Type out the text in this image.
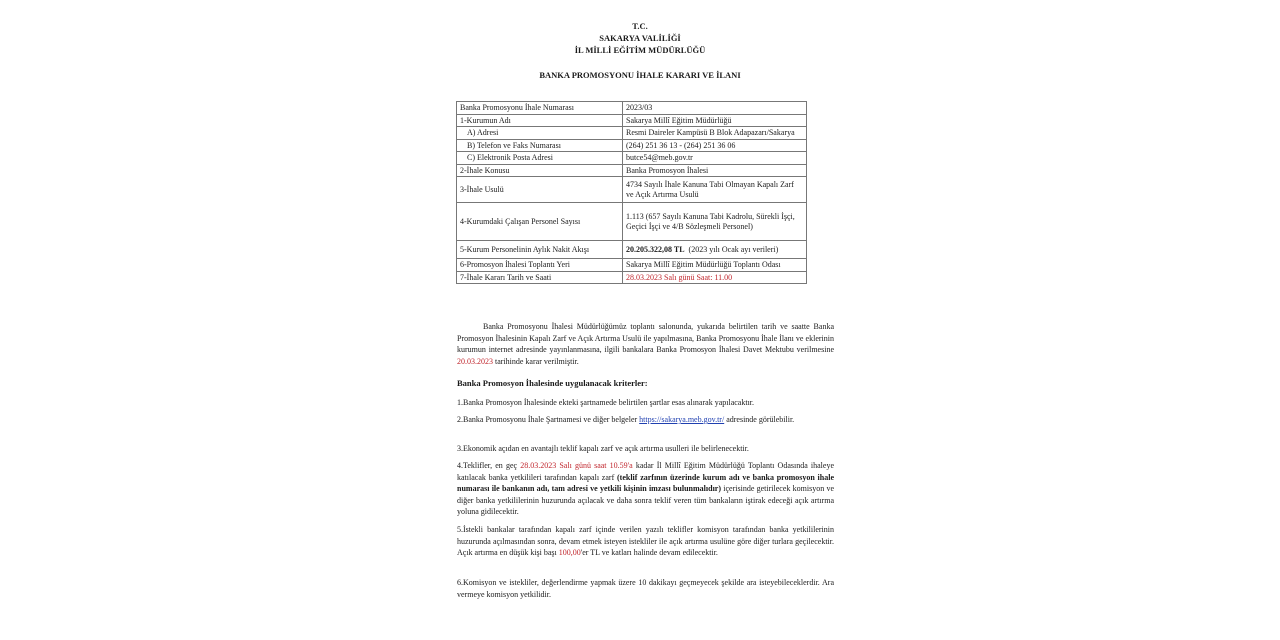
T.C.
SAKARYA VALİLİĞİ
İL MİLLİ EĞİTİM MÜDÜRLÜĞÜ
BANKA PROMOSYONU İHALE KARARI VE İLANI
Banka Promosyonu İhale Numarası	2023/03
1-Kurumun Adı	Sakarya Millî Eğitim Müdürlüğü
A) Adresi	Resmi Daireler Kampüsü B Blok Adapazarı/Sakarya
B) Telefon ve Faks Numarası	(264) 251 36 13 - (264) 251 36 06
C) Elektronik Posta Adresi	butce54@meb.gov.tr
2-İhale Konusu	Banka Promosyon İhalesi
3-İhale Usulü	4734 Sayılı İhale Kanuna Tabi Olmayan Kapalı Zarf ve Açık Artırma Usulü
4-Kurumdaki Çalışan Personel Sayısı	1.113 (657 Sayılı Kanuna Tabi Kadrolu, Sürekli İşçi, Geçici İşçi ve 4/B Sözleşmeli Personel)
5-Kurum Personelinin Aylık Nakit Akışı	20.205.322,08 TL  (2023 yılı Ocak ayı verileri)
6-Promosyon İhalesi Toplantı Yeri	Sakarya Millî Eğitim Müdürlüğü Toplantı Odası
7-İhale Kararı Tarih ve Saati	28.03.2023 Salı günü Saat: 11.00
Banka Promosyonu İhalesi Müdürlüğümüz toplantı salonunda, yukarıda belirtilen tarih ve saatte Banka Promosyon İhalesinin Kapalı Zarf ve Açık Artırma Usulü ile yapılmasına, Banka Promosyonu İhale İlanı ve eklerinin kurumun internet adresinde yayınlanmasına, ilgili bankalara Banka Promosyon İhalesi Davet Mektubu verilmesine 20.03.2023 tarihinde karar verilmiştir.
Banka Promosyon İhalesinde uygulanacak kriterler:
1.Banka Promosyon İhalesinde ekteki şartnamede belirtilen şartlar esas alınarak yapılacaktır.
2.Banka Promosyonu İhale Şartnamesi ve diğer belgeler https://sakarya.meb.gov.tr/ adresinde görülebilir.
3.Ekonomik açıdan en avantajlı teklif kapalı zarf ve açık artırma usulleri ile belirlenecektir.
4.Teklifler, en geç 28.03.2023 Salı günü saat 10.59'a kadar İl Millî Eğitim Müdürlüğü Toplantı Odasında ihaleye katılacak banka yetkilileri tarafından kapalı zarf (teklif zarfının üzerinde kurum adı ve banka promosyon ihale numarası ile bankanın adı, tam adresi ve yetkili kişinin imzası bulunmalıdır) içerisinde getirilecek komisyon ve diğer banka yetkililerinin huzurunda açılacak ve daha sonra teklif veren tüm bankaların iştirak edeceği açık artırma yoluna gidilecektir.
5.İstekli bankalar tarafından kapalı zarf içinde verilen yazılı teklifler komisyon tarafından banka yetkililerinin huzurunda açılmasından sonra, devam etmek isteyen istekliler ile açık artırma usulüne göre diğer turlara geçilecektir. Açık artırma en düşük kişi başı 100,00'er TL ve katları halinde devam edilecektir.
6.Komisyon ve istekliler, değerlendirme yapmak üzere 10 dakikayı geçmeyecek şekilde ara isteyebileceklerdir. Ara vermeye komisyon yetkilidir.
